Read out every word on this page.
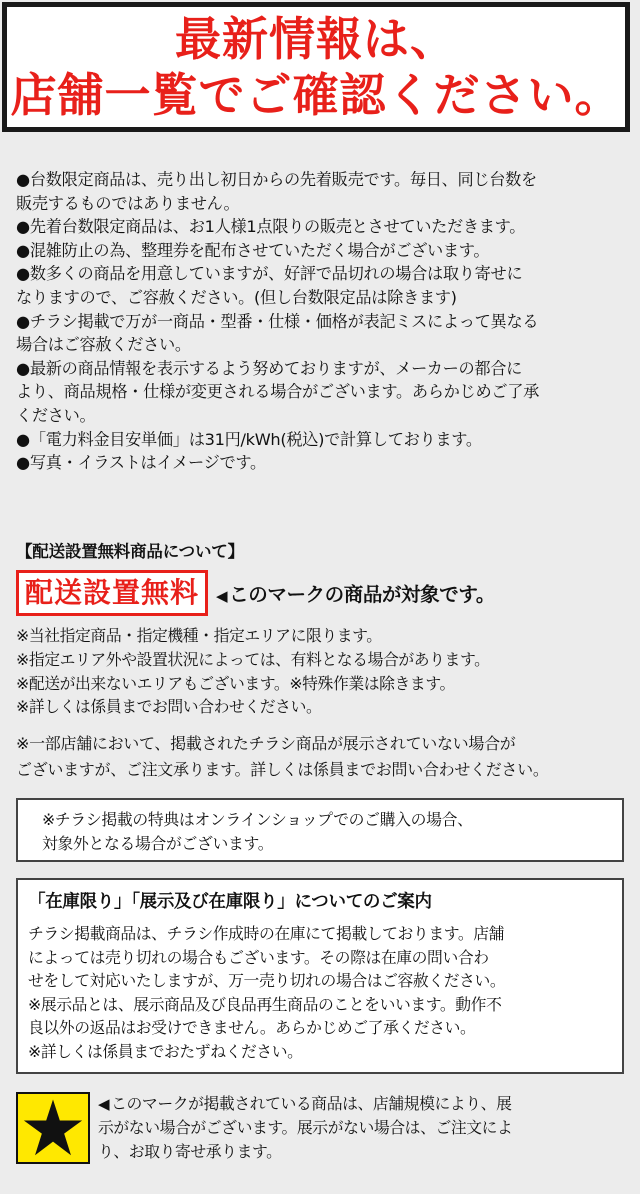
最新情報は、
店舗一覧でご確認ください。

●台数限定商品は、売り出し初日からの先着販売です。毎日、同じ台数を

販売するものではありません。

●先着台数限定商品は、お1人様1点限りの販売とさせていただきます。

●混雑防止の為、整理券を配布させていただく場合がございます。

●数多くの商品を用意していますが、好評で品切れの場合は取り寄せに

なりますので、ご容赦ください。(但し台数限定品は除きます)

●チラシ掲載で万が一商品・型番・仕様・価格が表記ミスによって異なる

場合はご容赦ください。

●最新の商品情報を表示するよう努めておりますが、メーカーの都合に

より、商品規格・仕様が変更される場合がございます。あらかじめご了承

ください。

●「電力料金目安単価」は31円/kWh(税込)で計算しております。

●写真・イラストはイメージです。

【配送設置無料商品について】
配送設置無料	◀ このマークの商品が対象です。

※当社指定商品・指定機種・指定エリアに限ります。

※指定エリア外や設置状況によっては、有料となる場合があります。

※配送が出来ないエリアもございます。※特殊作業は除きます。

※詳しくは係員までお問い合わせください。

※一部店舗において、掲載されたチラシ商品が展示されていない場合が

ございますが、ご注文承ります。詳しくは係員までお問い合わせください。

※チラシ掲載の特典はオンラインショップでのご購入の場合、

対象外となる場合がございます。

「在庫限り」「展示及び在庫限り」についてのご案内

チラシ掲載商品は、チラシ作成時の在庫にて掲載しております。店舗

によっては売り切れの場合もございます。その際は在庫の問い合わ

せをして対応いたしますが、万一売り切れの場合はご容赦ください。

※展示品とは、展示商品及び良品再生商品のことをいいます。動作不

良以外の返品はお受けできません。あらかじめご了承ください。

※詳しくは係員までおたずねください。

◀ このマークが掲載されている商品は、店舗規模により、展

示がない場合がございます。展示がない場合は、ご注文によ

り、お取り寄せ承ります。
